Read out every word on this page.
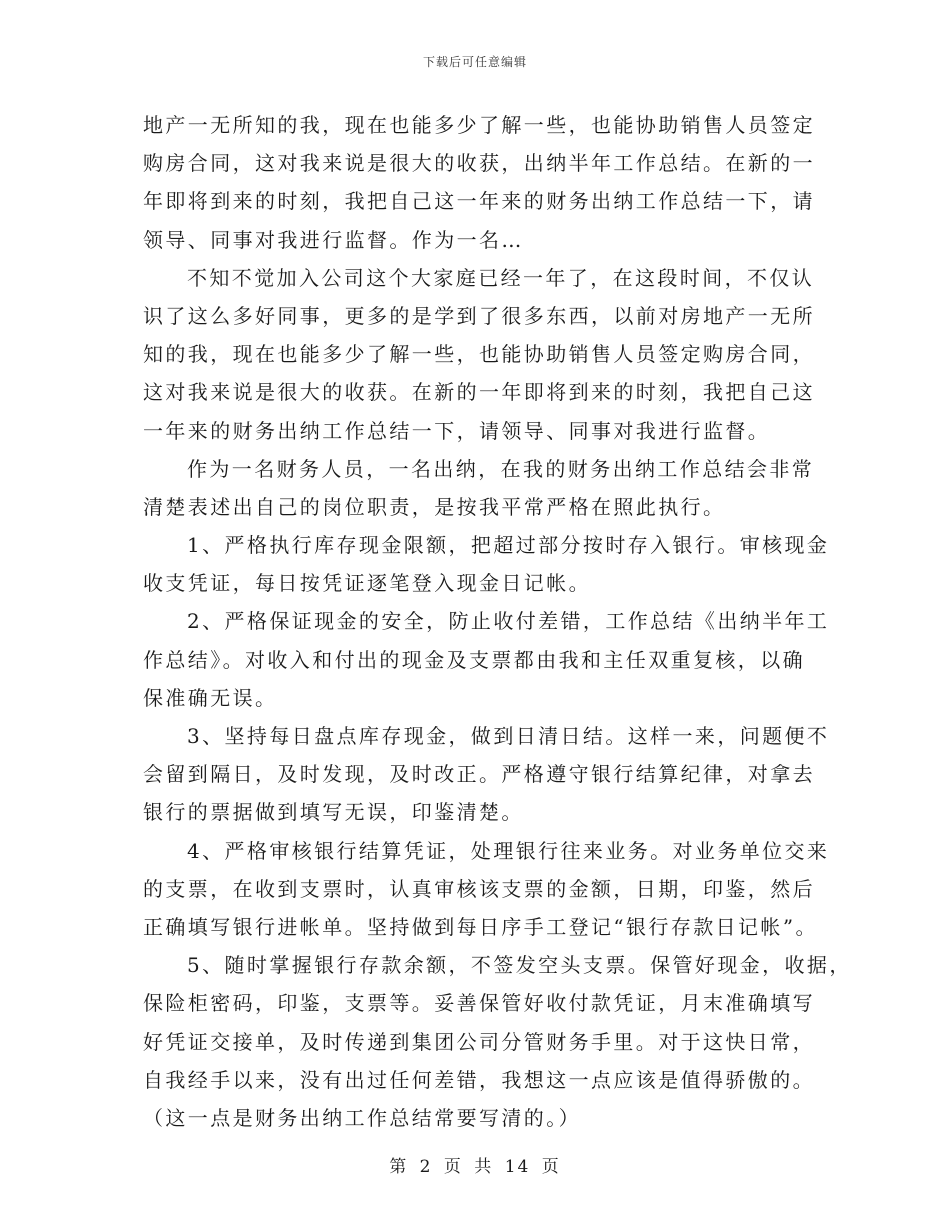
下载后可任意编辑
地产一无所知的我，现在也能多少了解一些，也能协助销售人员签定
购房合同，这对我来说是很大的收获，出纳半年工作总结。在新的一
年即将到来的时刻，我把自己这一年来的财务出纳工作总结一下，请
领导、同事对我进行监督。作为一名…
不知不觉加入公司这个大家庭已经一年了，在这段时间，不仅认
识了这么多好同事，更多的是学到了很多东西，以前对房地产一无所
知的我，现在也能多少了解一些，也能协助销售人员签定购房合同，
这对我来说是很大的收获。在新的一年即将到来的时刻，我把自己这
一年来的财务出纳工作总结一下，请领导、同事对我进行监督。
作为一名财务人员，一名出纳，在我的财务出纳工作总结会非常
清楚表述出自己的岗位职责，是按我平常严格在照此执行。
1、严格执行库存现金限额，把超过部分按时存入银行。审核现金
收支凭证，每日按凭证逐笔登入现金日记帐。
2、严格保证现金的安全，防止收付差错，工作总结《出纳半年工
作总结》。对收入和付出的现金及支票都由我和主任双重复核，以确
保准确无误。
3、坚持每日盘点库存现金，做到日清日结。这样一来，问题便不
会留到隔日，及时发现，及时改正。严格遵守银行结算纪律，对拿去
银行的票据做到填写无误，印鉴清楚。
4、严格审核银行结算凭证，处理银行往来业务。对业务单位交来
的支票，在收到支票时，认真审核该支票的金额，日期，印鉴，然后
正确填写银行进帐单。坚持做到每日序手工登记“银行存款日记帐”。
5、随时掌握银行存款余额，不签发空头支票。保管好现金，收据，
保险柜密码，印鉴，支票等。妥善保管好收付款凭证，月末准确填写
好凭证交接单，及时传递到集团公司分管财务手里。对于这快日常，
自我经手以来，没有出过任何差错，我想这一点应该是值得骄傲的。
（这一点是财务出纳工作总结常要写清的。）
第 2 页 共 14 页
